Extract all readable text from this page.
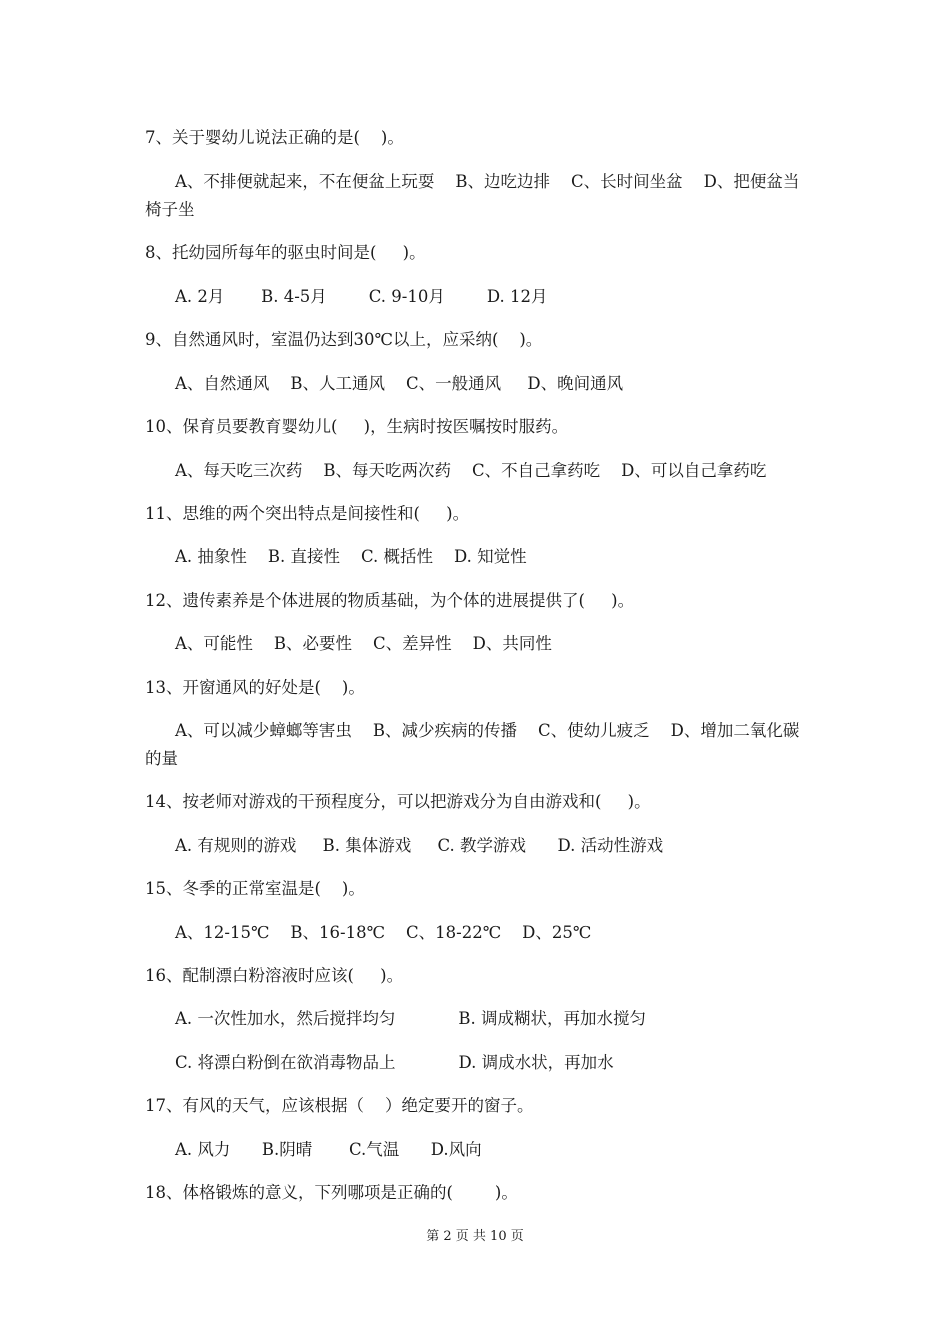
7、关于婴幼儿说法正确的是(    )。
A、不排便就起来，不在便盆上玩耍    B、边吃边排    C、长时间坐盆    D、把便盆当
椅子坐
8、托幼园所每年的驱虫时间是(     )。
A. 2月       B. 4-5月        C. 9-10月        D. 12月
9、自然通风时，室温仍达到30℃以上，应采纳(    )。
A、自然通风    B、人工通风    C、一般通风     D、晚间通风
10、保育员要教育婴幼儿(     )，生病时按医嘱按时服药。
A、每天吃三次药    B、每天吃两次药    C、不自己拿药吃    D、可以自己拿药吃
11、思维的两个突出特点是间接性和(     )。
A. 抽象性    B. 直接性    C. 概括性    D. 知觉性
12、遗传素养是个体进展的物质基础，为个体的进展提供了(     )。
A、可能性    B、必要性    C、差异性    D、共同性
13、开窗通风的好处是(    )。
A、可以减少蟑螂等害虫    B、减少疾病的传播    C、使幼儿疲乏    D、增加二氧化碳
的量
14、按老师对游戏的干预程度分，可以把游戏分为自由游戏和(     )。
A. 有规则的游戏     B. 集体游戏     C. 教学游戏      D. 活动性游戏
15、冬季的正常室温是(    )。
A、12-15℃    B、16-18℃    C、18-22℃    D、25℃
16、配制漂白粉溶液时应该(     )。
A. 一次性加水，然后搅拌均匀            B. 调成糊状，再加水搅匀
C. 将漂白粉倒在欲消毒物品上            D. 调成水状，再加水
17、有风的天气，应该根据（    ）绝定要开的窗子。
A. 风力      B.阴晴       C.气温      D.风向
18、体格锻炼的意义，下列哪项是正确的(        )。
第 2 页 共 10 页
